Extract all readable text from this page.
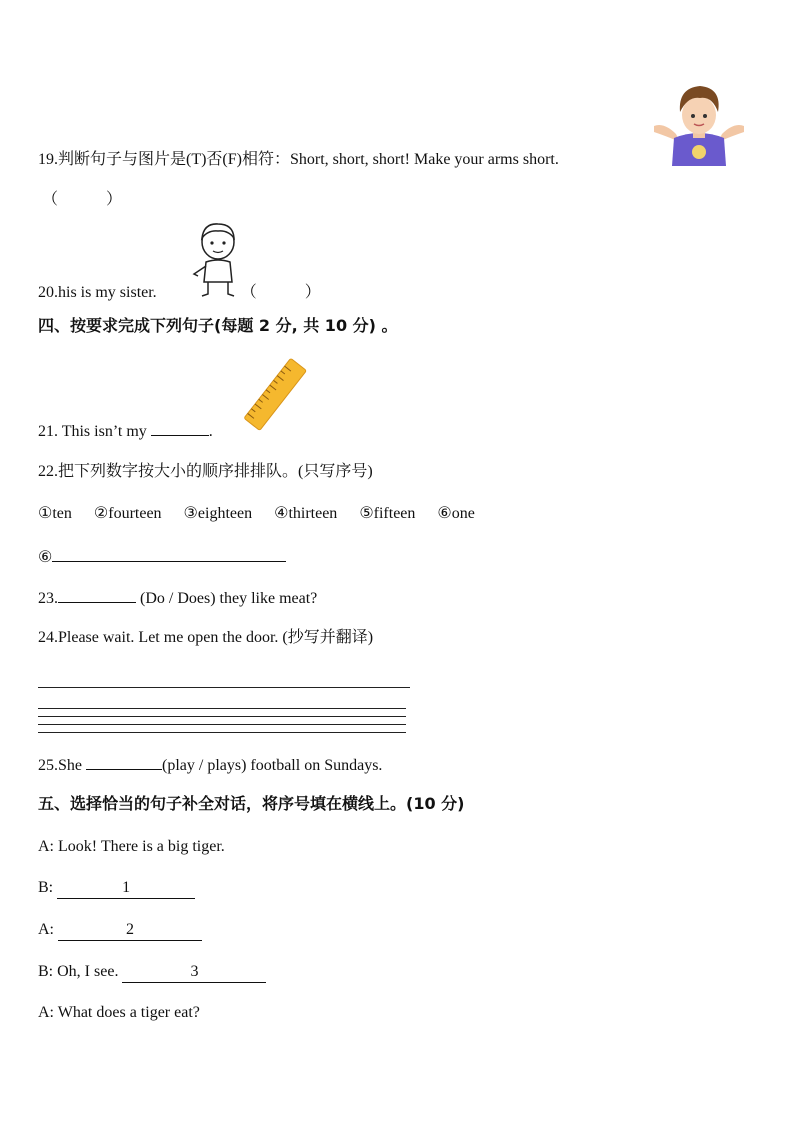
19.判断句子与图片是(T)否(F)相符：Short, short, short! Make your arms short.
（　　　）
20.his is my sister.	（　　　）
四、按要求完成下列句子(每题 2 分, 共 10 分) 。
21. This isn’t my	.
22.把下列数字按大小的顺序排排队。(只写序号)
①ten ②fourteen ③eighteen ④thirteen ⑤fifteen ⑥one
⑥
23.	(Do / Does) they like meat?
24.Please wait. Let me open the door. (抄写并翻译)
25.She	(play / plays) football on Sundays.
五、选择恰当的句子补全对话，将序号填在横线上。(10 分)
A: Look! There is a big tiger.
B:	1
A:	2
B: Oh, I see.	3
A: What does a tiger eat?
